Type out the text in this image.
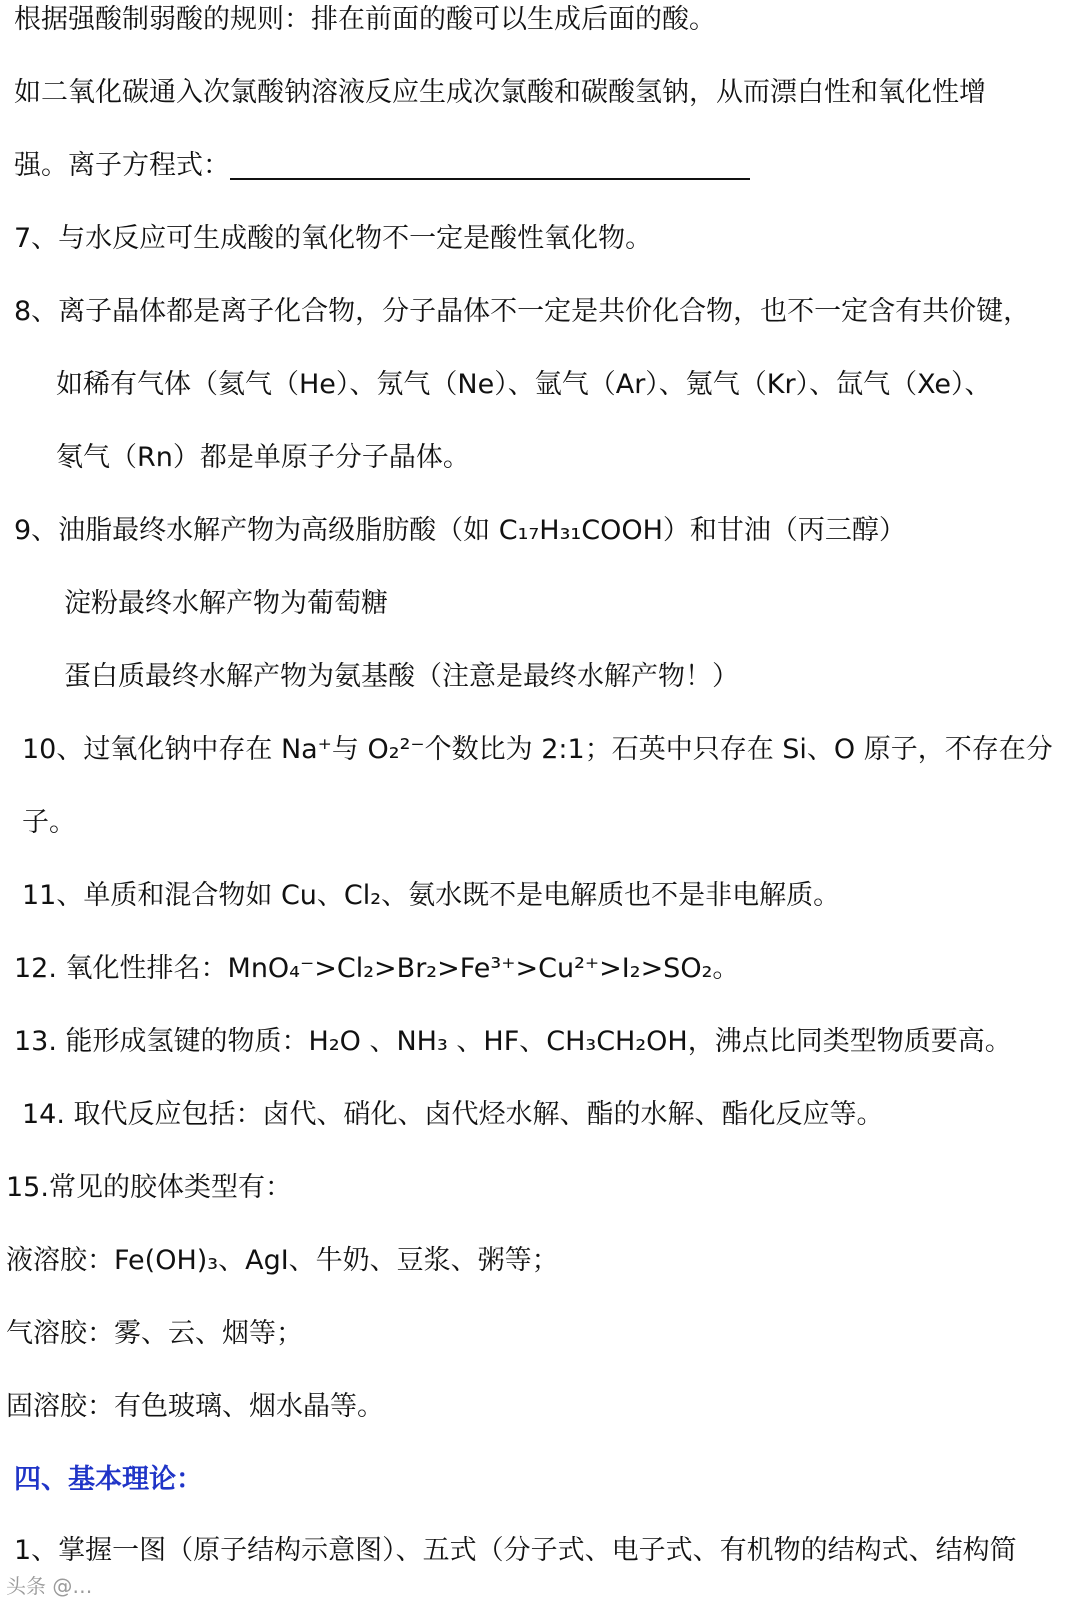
根据强酸制弱酸的规则：排在前面的酸可以生成后面的酸。
如二氧化碳通入次氯酸钠溶液反应生成次氯酸和碳酸氢钠，从而漂白性和氧化性增
强。离子方程式：
7、与水反应可生成酸的氧化物不一定是酸性氧化物。
8、离子晶体都是离子化合物，分子晶体不一定是共价化合物，也不一定含有共价键，
如稀有气体（氦气（He）、氖气（Ne）、氩气（Ar）、氪气（Kr）、氙气（Xe）、
氡气（Rn）都是单原子分子晶体。
9、油脂最终水解产物为高级脂肪酸（如 C₁₇H₃₁COOH）和甘油（丙三醇）
淀粉最终水解产物为葡萄糖
蛋白质最终水解产物为氨基酸（注意是最终水解产物！）
10、过氧化钠中存在 Na⁺与 O₂²⁻个数比为 2:1；石英中只存在 Si、O 原子，不存在分
子。
11、单质和混合物如 Cu、Cl₂、氨水既不是电解质也不是非电解质。
12. 氧化性排名：MnO₄⁻>Cl₂>Br₂>Fe³⁺>Cu²⁺>I₂>SO₂。
13. 能形成氢键的物质：H₂O 、NH₃ 、HF、CH₃CH₂OH，沸点比同类型物质要高。
14. 取代反应包括：卤代、硝化、卤代烃水解、酯的水解、酯化反应等。
15.常见的胶体类型有：
液溶胶：Fe(OH)₃、AgI、牛奶、豆浆、粥等；
气溶胶：雾、云、烟等；
固溶胶：有色玻璃、烟水晶等。
四、基本理论：
1、掌握一图（原子结构示意图）、五式（分子式、电子式、有机物的结构式、结构简
头条 @…
